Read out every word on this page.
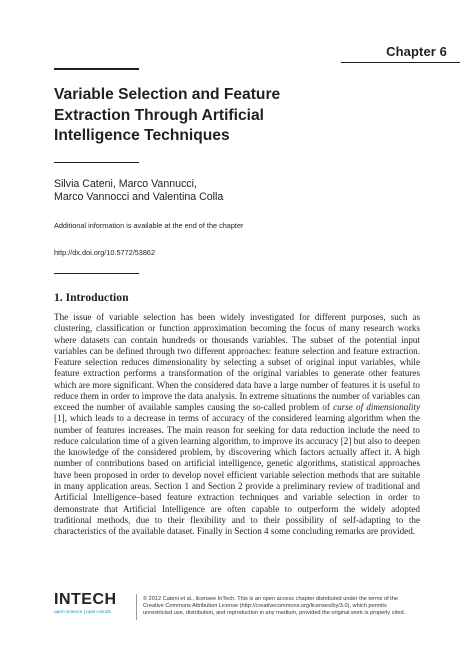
Chapter 6
Variable Selection and Feature
Extraction Through Artificial
Intelligence Techniques
Silvia Cateni, Marco Vannucci,
Marco Vannocci and Valentina Colla
Additional information is available at the end of the chapter
http://dx.doi.org/10.5772/53862
1. Introduction

The issue of variable selection has been widely investigated for different purposes, such as clustering, classification or function approximation becoming the focus of many research works where datasets can contain hundreds or thousands variables. The subset of the potential input variables can be defined through two different approaches: feature selection and feature extraction. Feature selection reduces dimensionality by selecting a subset of original input variables, while feature extraction performs a transformation of the original variables to generate other features which are more significant. When the considered data have a large number of features it is useful to reduce them in order to improve the data analysis. In extreme situations the number of variables can exceed the number of available samples causing the so-called problem of curse of dimensionality [1], which leads to a decrease in terms of accuracy of the considered learning algorithm when the number of features increases. The main reason for seeking for data reduction include the need to reduce calculation time of a given learning algorithm, to improve its accuracy [2] but also to deepen the knowledge of the considered problem, by discovering which factors actually affect it. A high number of contributions based on artificial intelligence, genetic algorithms, statistical approaches have been proposed in order to develop novel efficient variable selection methods that are suitable in many application areas. Section 1 and Section 2 provide a preliminary review of traditional and Artificial Intelligence–based feature extraction techniques and variable selection in order to demonstrate that Artificial Intelligence are often capable to outperform the widely adopted traditional methods, due to their flexibility and to their possibility of self-adapting to the characteristics of the available dataset. Finally in Section 4 some concluding remarks are provided.

INTECH
open science | open minds
© 2012 Cateni et al., licensee InTech. This is an open access chapter distributed under the terms of the
Creative Commons Attribution License (http://creativecommons.org/licenses/by/3.0), which permits
unrestricted use, distribution, and reproduction in any medium, provided the original work is properly cited.
